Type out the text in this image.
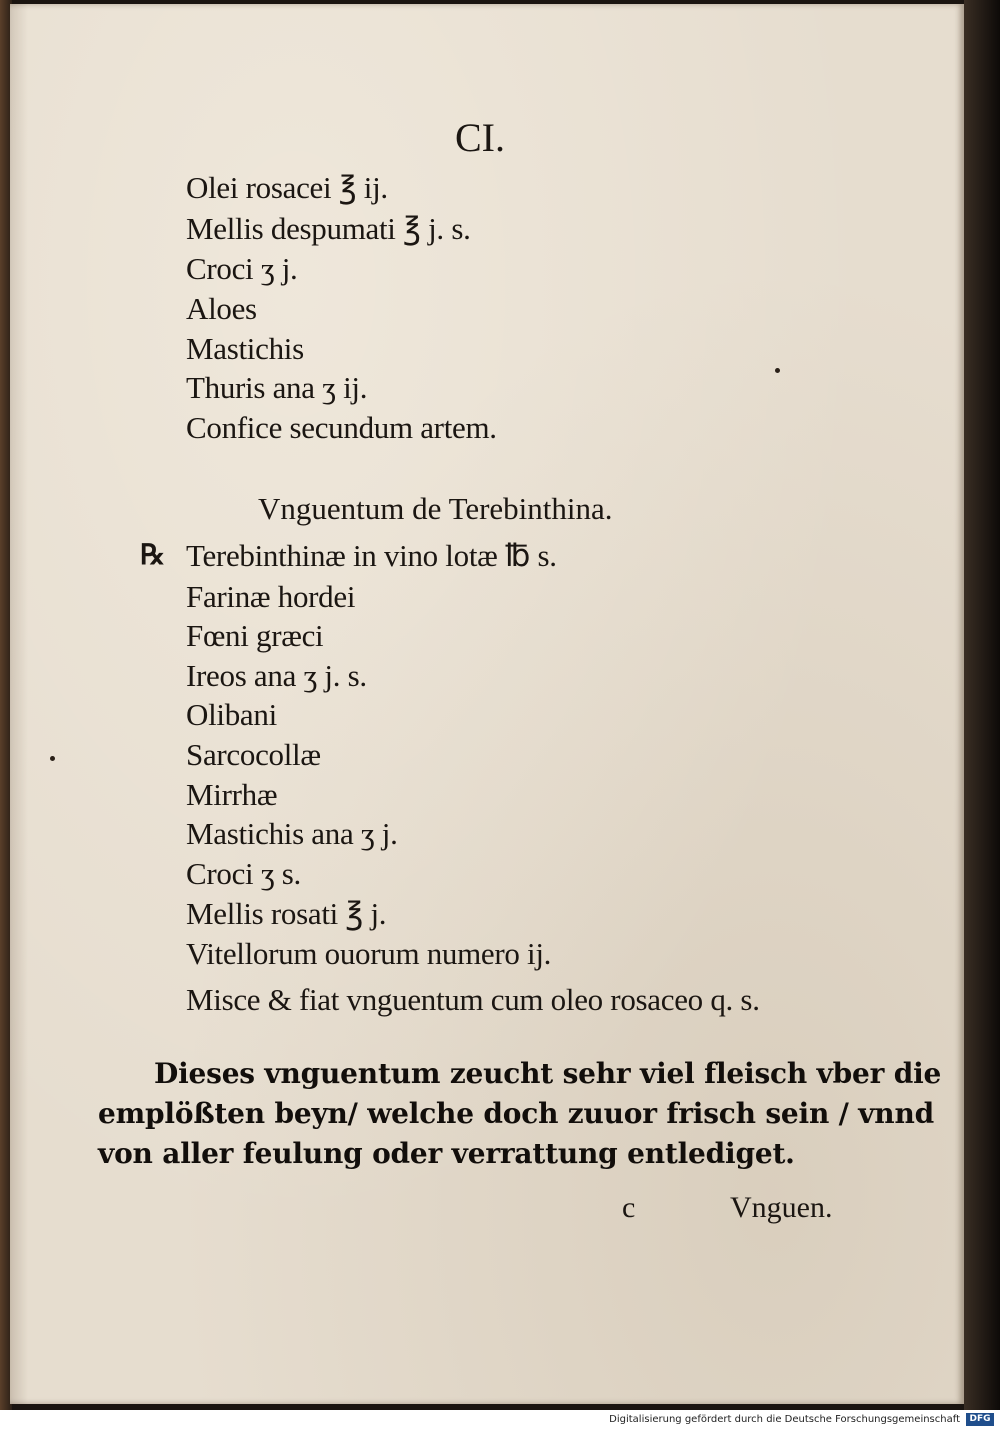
CI.
Olei rosacei ℥ ij.
Mellis despumati ℥ j. s.
Croci ʒ j.
Aloes
Mastichis
Thuris ana ʒ ij.
Confice secundum artem.
Vnguentum de Terebinthina.
℞ Terebinthinæ in vino lotæ ℔ s.
Farinæ hordei
Fœni græci
Ireos ana ʒ j. s.
Olibani
Sarcocollæ
Mirrhæ
Mastichis ana ʒ j.
Croci ʒ s.
Mellis rosati ℥ j.
Vitellorum ouorum numero ij.
Misce & fiat vnguentum cum oleo rosaceo q. s.
Dieses vnguentum zeucht sehr viel fleisch vber die
emplößten beyn/ welche doch zuuor frisch sein / vnnd
von aller feulung oder verrattung entlediget.
c	Vnguen.
Digitalisierung gefördert durch die Deutsche Forschungsgemeinschaft	DFG
